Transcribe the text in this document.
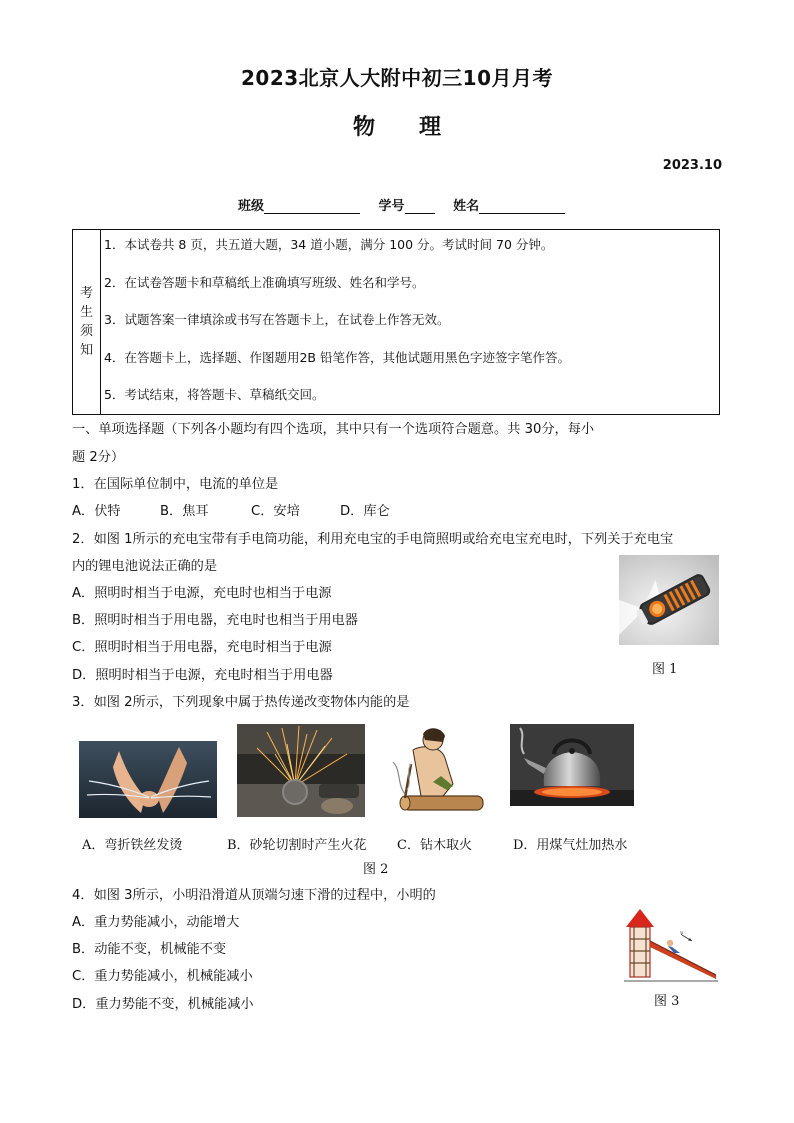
2023北京人大附中初三10月月考
物　　理
2023.10
班级	学号	姓名
考
生
须
知
1．本试卷共 8 页，共五道大题，34 道小题，满分 100 分。考试时间 70 分钟。
2．在试卷答题卡和草稿纸上准确填写班级、姓名和学号。
3．试题答案一律填涂或书写在答题卡上，在试卷上作答无效。
4．在答题卡上，选择题、作图题用2B 铅笔作答，其他试题用黑色字迹签字笔作答。
5．考试结束，将答题卡、草稿纸交回。
一、单项选择题（下列各小题均有四个选项，其中只有一个选项符合题意。共 30分，每小
题 2分）
1．在国际单位制中，电流的单位是
A．伏特	B．焦耳	C．安培	D．库仑
2．如图 1所示的充电宝带有手电筒功能，利用充电宝的手电筒照明或给充电宝充电时，下列关于充电宝
内的锂电池说法正确的是
A．照明时相当于电源，充电时也相当于电源
B．照明时相当于用电器，充电时也相当于用电器
C．照明时相当于用电器，充电时相当于电源
D．照明时相当于电源，充电时相当于用电器	图 1
3．如图 2所示，下列现象中属于热传递改变物体内能的是
A．弯折铁丝发烫	B．砂轮切割时产生火花 C．钻木取火	D．用煤气灶加热水
图 2
4．如图 3所示，小明沿滑道从顶端匀速下滑的过程中，小明的
A．重力势能减小，动能增大
B．动能不变，机械能不变
C．重力势能减小，机械能减小
D．重力势能不变，机械能减小
v
图 3
